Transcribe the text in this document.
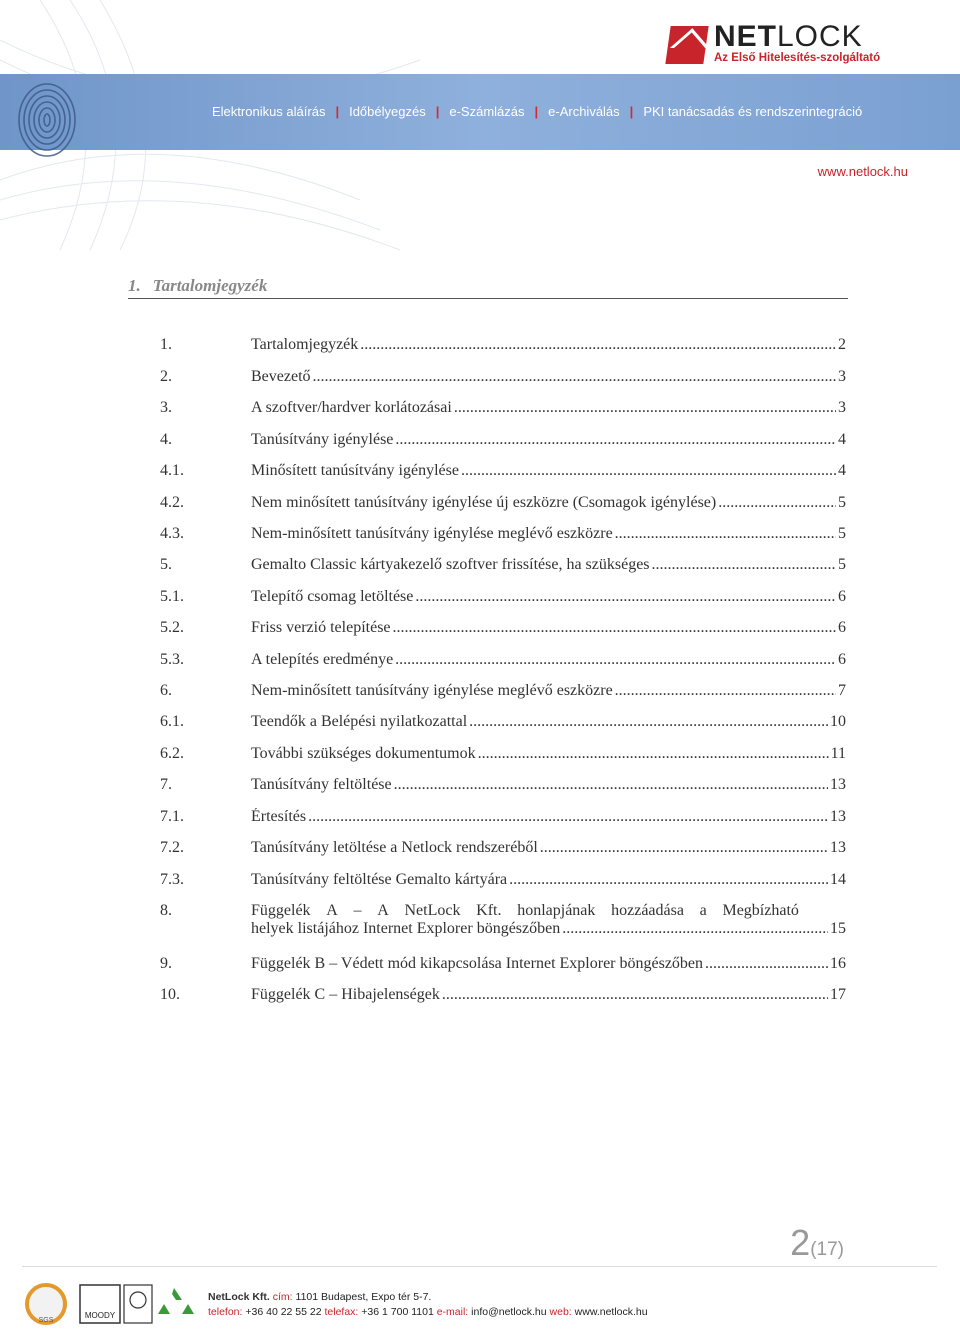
NETLOCK
Az Első Hitelesítés-szolgáltató
Elektronikus aláírás | Időbélyegzés | e-Számlázás | e-Archiválás | PKI tanácsadás és rendszerintegráció
www.netlock.hu
1. Tartalomjegyzék
1.	Tartalomjegyzék .....	2
2.	Bevezető .....	3
3.	A szoftver/hardver korlátozásai .....	3
4.	Tanúsítvány igénylése .....	4
4.1.	Minősített tanúsítvány igénylése .....	4
4.2.	Nem minősített tanúsítvány igénylése új eszközre (Csomagok igénylése) .....	5
4.3.	Nem-minősített tanúsítvány igénylése meglévő eszközre .....	5
5.	Gemalto Classic kártyakezelő szoftver frissítése, ha szükséges .....	5
5.1.	Telepítő csomag letöltése .....	6
5.2.	Friss verzió telepítése .....	6
5.3.	A telepítés eredménye .....	6
6.	Nem-minősített tanúsítvány igénylése meglévő eszközre .....	7
6.1.	Teendők a Belépési nyilatkozattal .....	10
6.2.	További szükséges dokumentumok .....	11
7.	Tanúsítvány feltöltése .....	13
7.1.	Értesítés .....	13
7.2.	Tanúsítvány letöltése a Netlock rendszeréből .....	13
7.3.	Tanúsítvány feltöltése Gemalto kártyára .....	14
8.	Függelék A – A NetLock Kft. honlapjának hozzáadása a Megbízható
helyek listájához Internet Explorer böngészőben .....	15
9.	Függelék B – Védett mód kikapcsolása Internet Explorer böngészőben .....	16
10.	Függelék C – Hibajelenségek .....	17
2(17)
SGS
MOODY
NetLock Kft. cím: 1101 Budapest, Expo tér 5-7.
telefon: +36 40 22 55 22 telefax: +36 1 700 1101 e-mail: info@netlock.hu web: www.netlock.hu
